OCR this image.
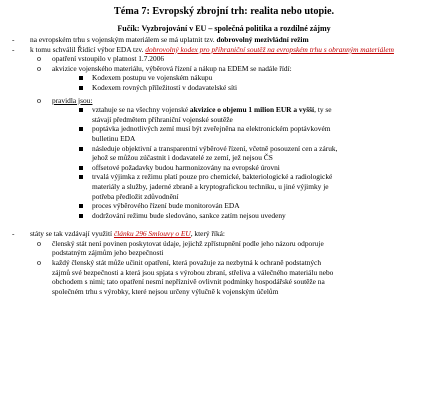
Téma 7: Evropský zbrojní trh: realita nebo utopie.
Fučík: Vyzbrojování v EU – společná politika a rozdílné zájmy
- na evropském trhu s vojenským materiálem se má uplatnit tzv. dobrovolný mezivládní režim
- k tomu schválil Řídící výbor EDA tzv. dobrovolný kodex pro příhraniční soutěž na evropském trhu s obranným materiálem
o opatření vstoupilo v platnost 1.7.2006
o akvizice vojenského materiálu, výběrová řízení a nákup na EDEM se nadále řídí:
Kodexem postupu ve vojenském nákupu
Kodexem rovných příležitostí v dodavatelské síti
o pravidla jsou:
vztahuje se na všechny vojenské akvizice o objemu 1 milion EUR a vyšší, ty se
stávají předmětem příhraniční vojenské soutěže
poptávka jednotlivých zemí musí být zveřejněna na elektronickém poptávkovém
bulletinu EDA
následuje objektivní a transparentní výběrové řízení, včetně posouzení cen a záruk,
jehož se můžou zúčastnit i dodavatelé ze zemí, jež nejsou ČS
offsetové požadavky budou harmonizovány na evropské úrovni
trvalá výjimka z režimu platí pouze pro chemické, bakteriologické a radiologické
materiály a služby, jaderné zbraně a kryptografickou techniku, u jiné výjimky je
potřeba předložit zdůvodnění
proces výběrového řízení bude monitorován EDA
dodržování režimu bude sledováno, sankce zatím nejsou uvedeny
- státy se tak vzdávají využití článku 296 Smlouvy o EU, který říká:
o členský stát není povinen poskytovat údaje, jejichž zpřístupnění podle jeho názoru odporuje
podstatným zájmům jeho bezpečnosti
o každý členský stát může učinit opatření, která považuje za nezbytná k ochraně podstatných
zájmů své bezpečnosti a která jsou spjata s výrobou zbraní, střeliva a válečného materiálu nebo
obchodem s nimi; tato opatření nesmí nepříznivě ovlivnit podmínky hospodářské soutěže na
společném trhu s výrobky, které nejsou určeny výlučně k vojenským účelům
